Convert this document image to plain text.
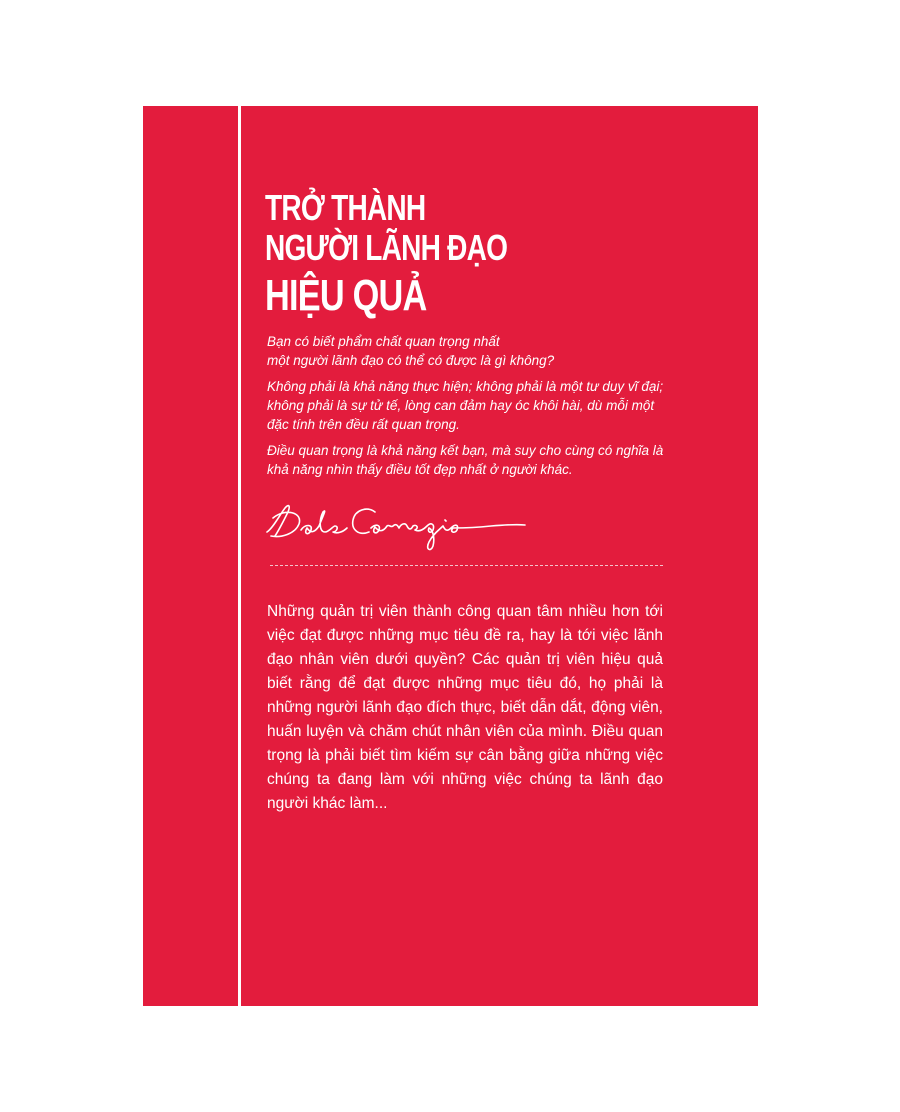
TRỞ THÀNH
NGƯỜI LÃNH ĐẠO
HIỆU QUẢ

Bạn có biết phẩm chất quan trọng nhất
một người lãnh đạo có thể có được là gì không?

Không phải là khả năng thực hiện; không phải là một tư duy vĩ đại;
không phải là sự tử tế, lòng can đảm hay óc khôi hài, dù mỗi một
đặc tính trên đều rất quan trọng.

Điều quan trọng là khả năng kết bạn, mà suy cho cùng có nghĩa là
khả năng nhìn thấy điều tốt đẹp nhất ở người khác.

Những quản trị viên thành công quan tâm nhiều hơn tới việc đạt được những mục tiêu đề ra, hay là tới việc lãnh đạo nhân viên dưới quyền? Các quản trị viên hiệu quả biết rằng để đạt được những mục tiêu đó, họ phải là những người lãnh đạo đích thực, biết dẫn dắt, động viên, huấn luyện và chăm chút nhân viên của mình. Điều quan trọng là phải biết tìm kiếm sự cân bằng giữa những việc chúng ta đang làm với những việc chúng ta lãnh đạo người khác làm...
